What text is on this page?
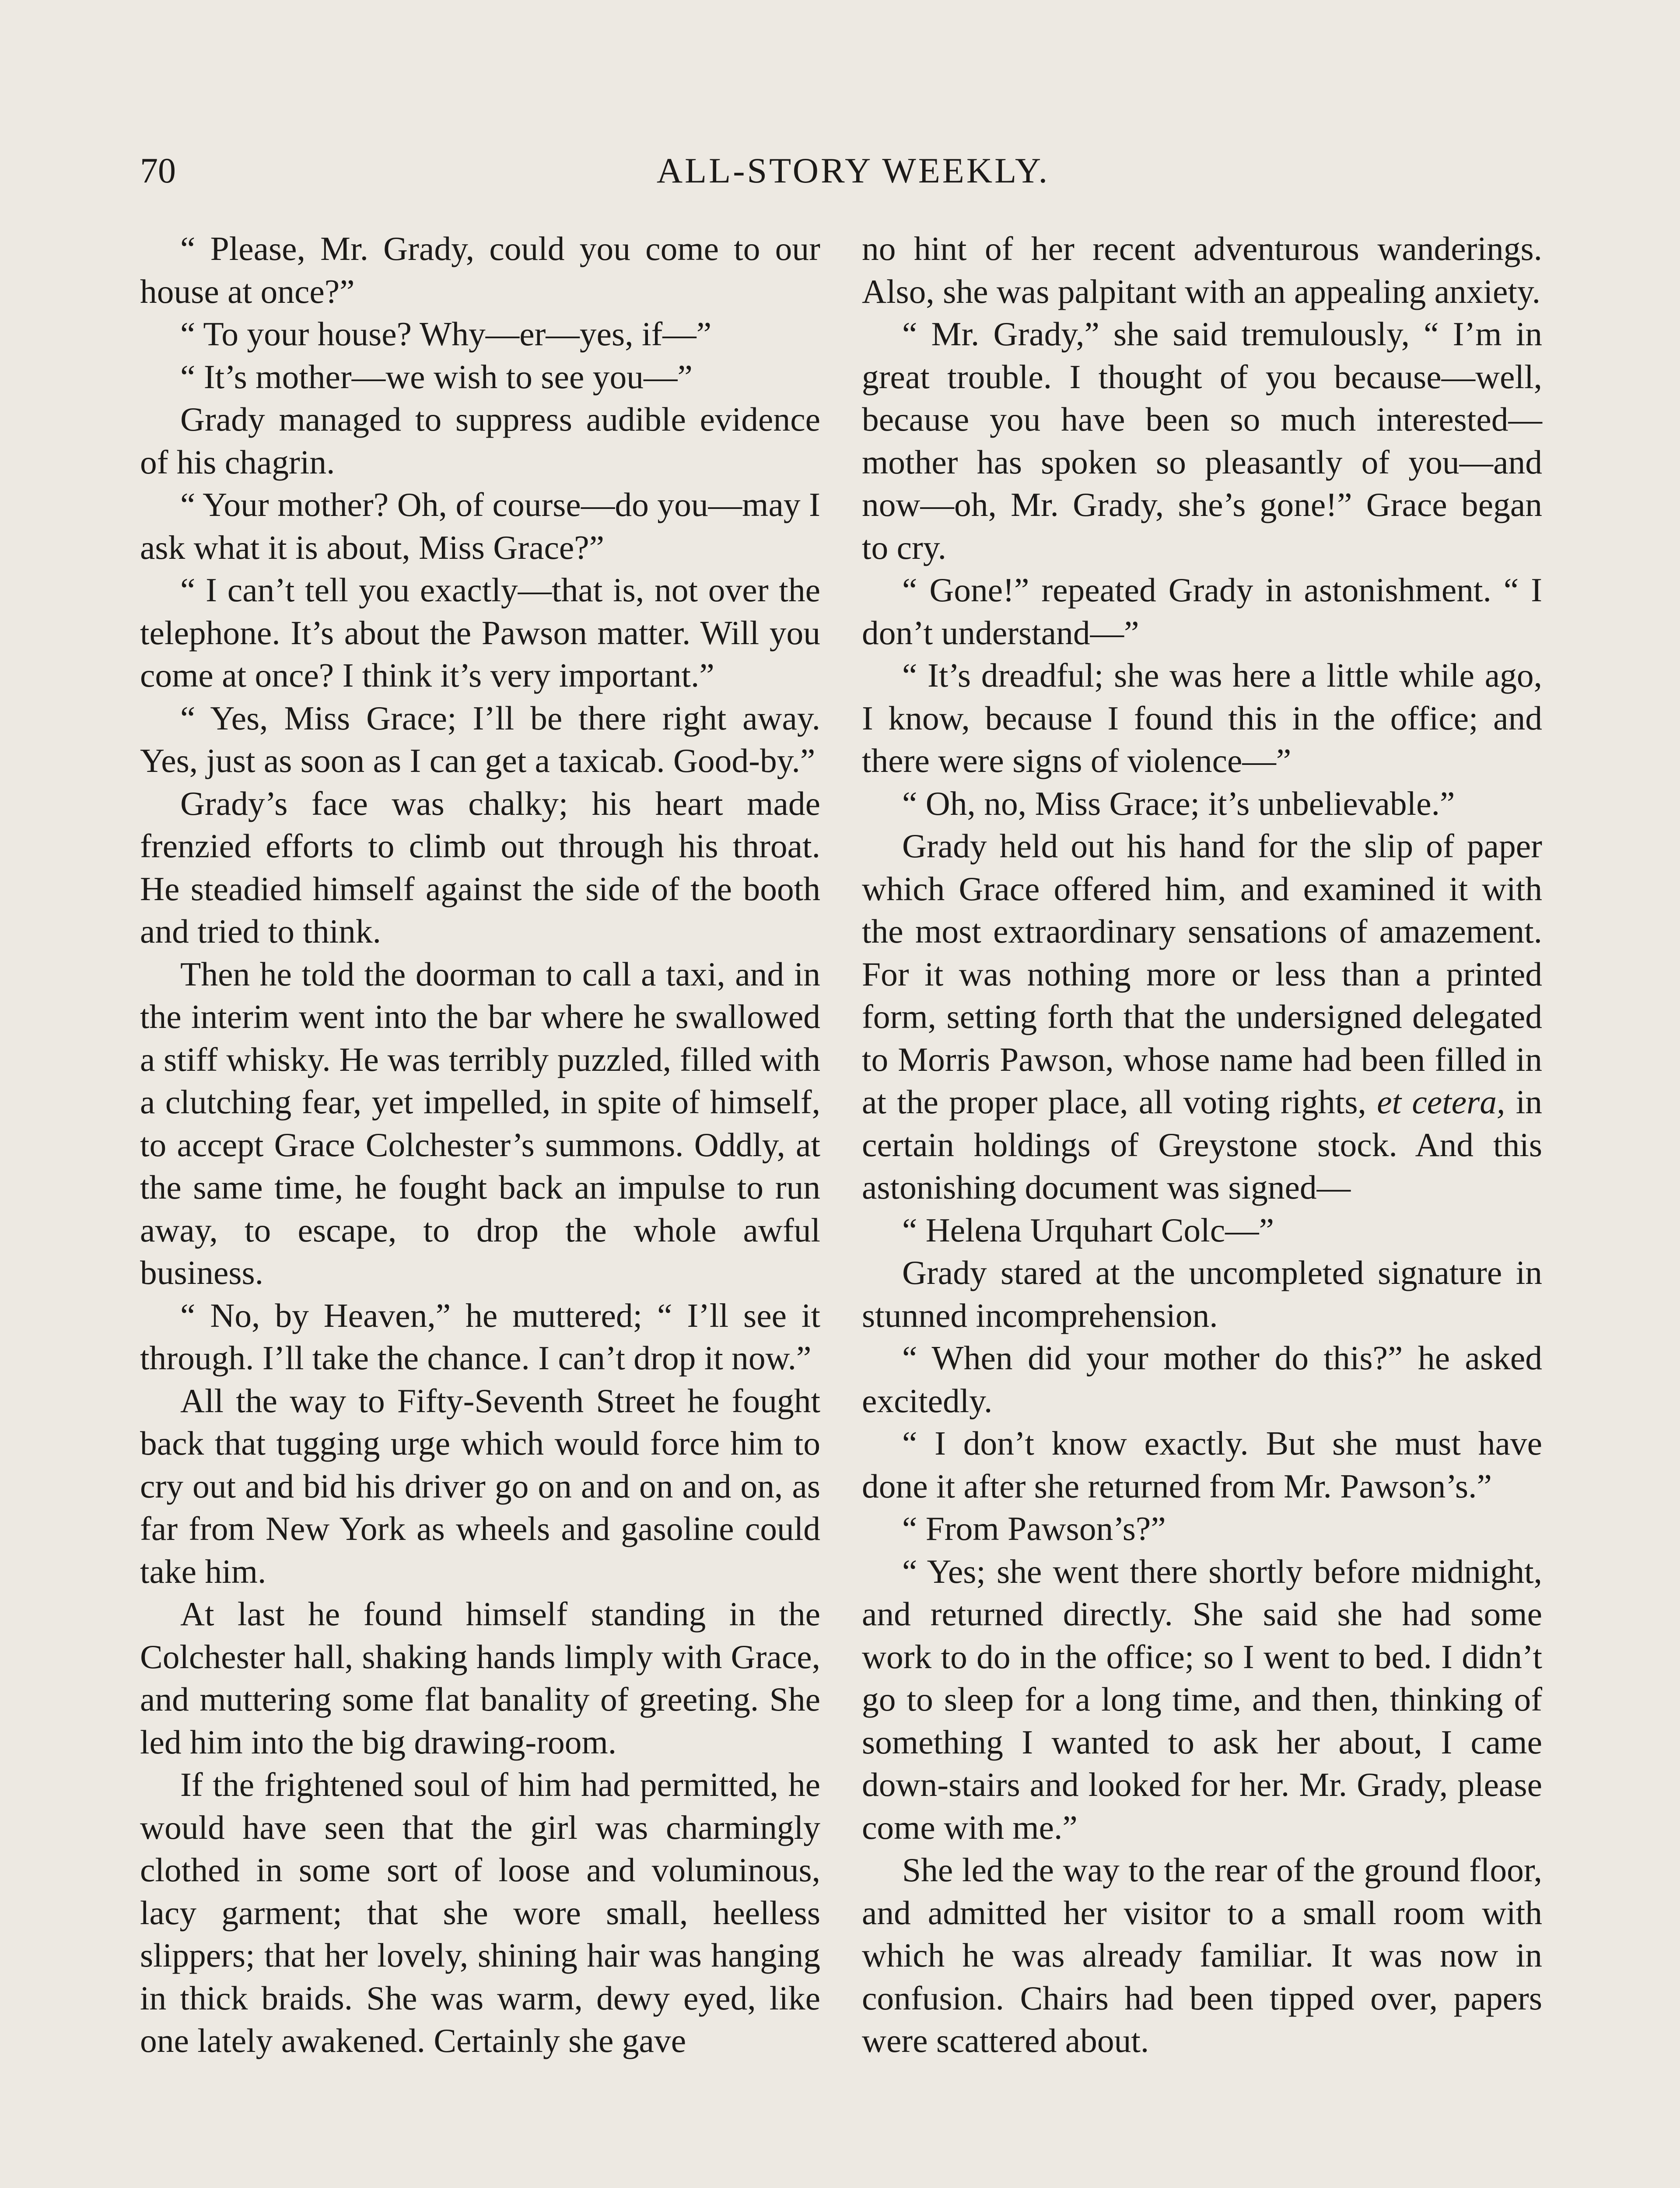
70	ALL-STORY WEEKLY.

“ Please, Mr. Grady, could you come to our house at once?”

“ To your house? Why—er—yes, if—”

“ It’s mother—we wish to see you—”

Grady managed to suppress audible evidence of his chagrin.

“ Your mother? Oh, of course—do you—may I ask what it is about, Miss Grace?”

“ I can’t tell you exactly—that is, not over the telephone. It’s about the Pawson matter. Will you come at once? I think it’s very important.”

“ Yes, Miss Grace; I’ll be there right away. Yes, just as soon as I can get a taxicab. Good-by.”

Grady’s face was chalky; his heart made frenzied efforts to climb out through his throat. He steadied himself against the side of the booth and tried to think.

Then he told the doorman to call a taxi, and in the interim went into the bar where he swallowed a stiff whisky. He was terribly puzzled, filled with a clutching fear, yet impelled, in spite of himself, to accept Grace Colchester’s summons. Oddly, at the same time, he fought back an impulse to run away, to escape, to drop the whole awful business.

“ No, by Heaven,” he muttered; “ I’ll see it through. I’ll take the chance. I can’t drop it now.”

All the way to Fifty-Seventh Street he fought back that tugging urge which would force him to cry out and bid his driver go on and on and on, as far from New York as wheels and gasoline could take him.

At last he found himself standing in the Colchester hall, shaking hands limply with Grace, and muttering some flat banality of greeting. She led him into the big drawing-room.

If the frightened soul of him had permitted, he would have seen that the girl was charmingly clothed in some sort of loose and voluminous, lacy garment; that she wore small, heelless slippers; that her lovely, shining hair was hanging in thick braids. She was warm, dewy eyed, like one lately awakened. Certainly she gave

no hint of her recent adventurous wanderings. Also, she was palpitant with an appealing anxiety.

“ Mr. Grady,” she said tremulously, “ I’m in great trouble. I thought of you because—well, because you have been so much interested—mother has spoken so pleasantly of you—and now—oh, Mr. Grady, she’s gone!” Grace began to cry.

“ Gone!” repeated Grady in astonishment. “ I don’t understand—”

“ It’s dreadful; she was here a little while ago, I know, because I found this in the office; and there were signs of violence—”

“ Oh, no, Miss Grace; it’s unbelievable.”

Grady held out his hand for the slip of paper which Grace offered him, and examined it with the most extraordinary sensations of amazement. For it was nothing more or less than a printed form, setting forth that the undersigned delegated to Morris Pawson, whose name had been filled in at the proper place, all voting rights, et cetera, in certain holdings of Greystone stock. And this astonishing document was signed—

“ Helena Urquhart Colc—”

Grady stared at the uncompleted signature in stunned incomprehension.

“ When did your mother do this?” he asked excitedly.

“ I don’t know exactly. But she must have done it after she returned from Mr. Pawson’s.”

“ From Pawson’s?”

“ Yes; she went there shortly before midnight, and returned directly. She said she had some work to do in the office; so I went to bed. I didn’t go to sleep for a long time, and then, thinking of something I wanted to ask her about, I came down-stairs and looked for her. Mr. Grady, please come with me.”

She led the way to the rear of the ground floor, and admitted her visitor to a small room with which he was already familiar. It was now in confusion. Chairs had been tipped over, papers were scattered about.
